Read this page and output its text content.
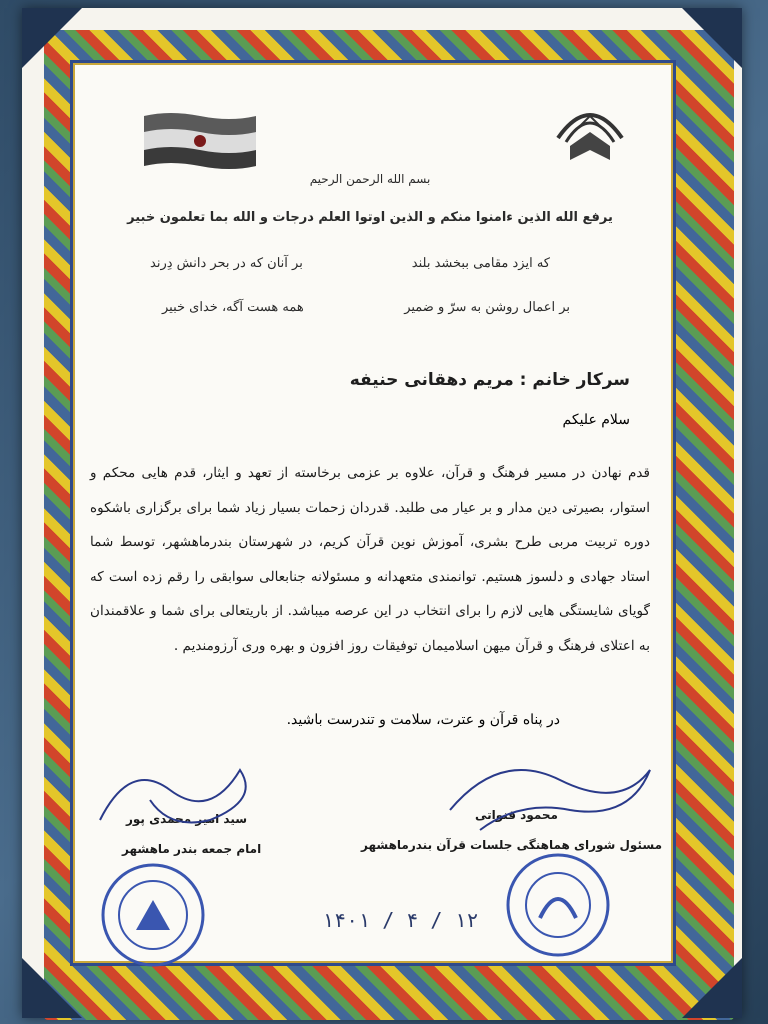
بسم الله الرحمن الرحیم
یرفع الله الذین ءامنوا منکم و الذین اوتوا العلم درجات و الله بما تعلمون خبیر
که ایزد مقامی ببخشد بلند
بر آنان که در بحر دانش دِرند
بر اعمال روشن به سرّ و ضمیر
همه هست آگه، خدای خبیر
سرکار خانم : مریم دهقانی حنیفه
سلام علیکم
قدم نهادن در مسیر فرهنگ و قرآن، علاوه بر عزمی برخاسته از تعهد و ایثار، قدم هایی محکم و استوار، بصیرتی دین مدار و بر عیار می طلبد. قدردان زحمات بسیار زیاد شما برای برگزاری باشکوه دوره تربیت مربی طرح بشری، آموزش نوین قرآن کریم، در شهرستان بندرماهشهر، توسط شما استاد جهادی و دلسوز هستیم. توانمندی متعهدانه و مسئولانه جنابعالی سوابقی را رقم زده است که گویای شایستگی هایی لازم را برای انتخاب در این عرصه میباشد. از باریتعالی برای شما و علاقمندان به اعتلای فرهنگ و قرآن میهن اسلامیمان توفیقات روز افزون و بهره وری آرزومندیم .
در پناه قرآن و عترت، سلامت و تندرست باشید.
محمود قنواتی
مسئول شورای هماهنگی جلسات قرآن بندرماهشهر
سید امیر محمدی پور
امام جمعه بندر ماهشهر
۱۴۰۱ / ۴ / ۱۲
